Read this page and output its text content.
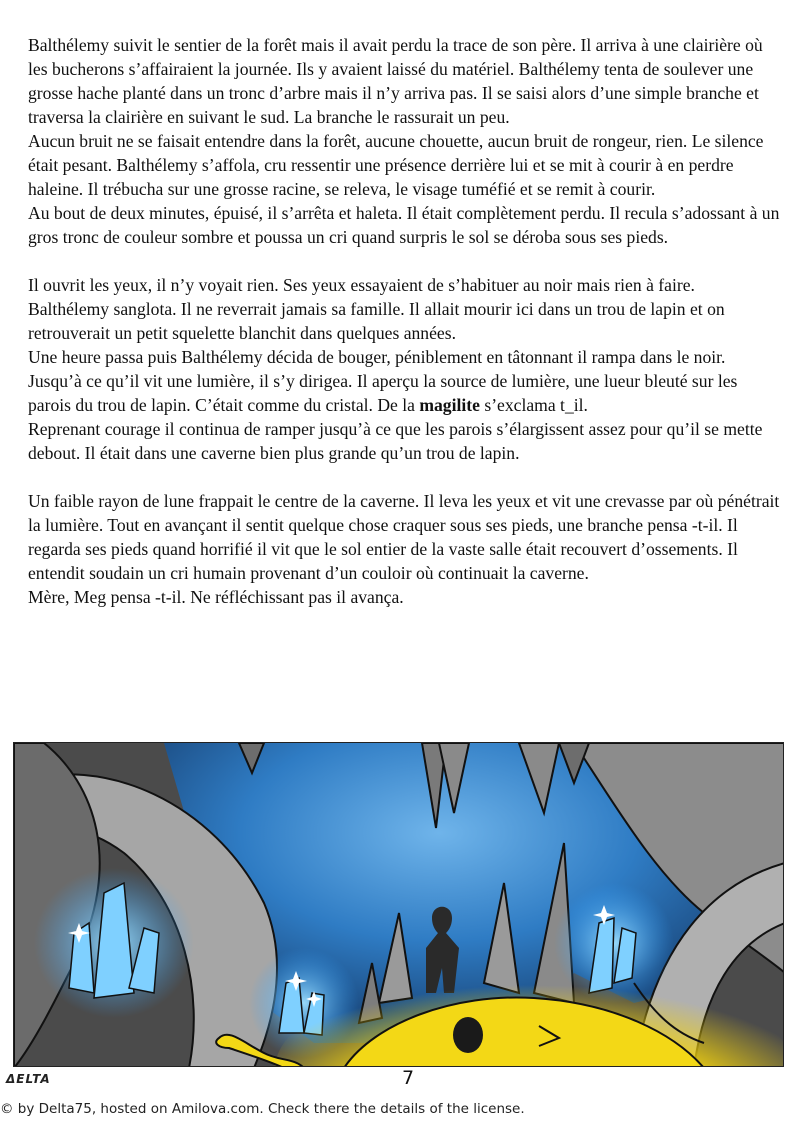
Balthélemy suivit le sentier de la forêt mais il avait perdu la trace de son père. Il arriva à une clairière où les bucherons s’affairaient la journée. Ils y avaient laissé du matériel. Balthélemy tenta de soulever une grosse hache planté dans un tronc d’arbre mais il n’y arriva pas. Il se saisi alors d’une simple branche et traversa la clairière en suivant le sud. La branche le rassurait un peu.

Aucun bruit ne se faisait entendre dans la forêt, aucune chouette, aucun bruit de rongeur, rien. Le silence était pesant. Balthélemy s’affola, cru ressentir une présence derrière lui et se mit à courir à en perdre haleine. Il trébucha sur une grosse racine, se releva, le visage tuméfié et se remit à courir.

Au bout de deux minutes, épuisé, il s’arrêta et haleta. Il était complètement perdu. Il recula s’adossant à un gros tronc de couleur sombre et poussa un cri quand surpris le sol se déroba sous ses pieds.

Il ouvrit les yeux, il n’y voyait rien. Ses yeux essayaient de s’habituer au noir mais rien à faire. Balthélemy sanglota. Il ne reverrait jamais sa famille. Il allait mourir ici dans un trou de lapin et on retrouverait un petit squelette blanchit dans quelques années.

Une heure passa puis Balthélemy décida de bouger, péniblement en tâtonnant il rampa dans le noir.

Jusqu’à ce qu’il vit une lumière, il s’y dirigea. Il aperçu la source de lumière, une lueur bleuté sur les parois du trou de lapin. C’était comme du cristal. De la magilite s’exclama t_il.

Reprenant courage il continua de ramper jusqu’à ce que les parois s’élargissent assez pour qu’il se mette debout. Il était dans une caverne bien plus grande qu’un trou de lapin.

Un faible rayon de lune frappait le centre de la caverne. Il leva les yeux et vit une crevasse par où pénétrait la lumière. Tout en avançant il sentit quelque chose craquer sous ses pieds, une branche pensa -t-il. Il regarda ses pieds quand horrifié il vit que le sol entier de la vaste salle était recouvert d’ossements. Il entendit soudain un cri humain provenant d’un couloir où continuait la caverne.

Mère, Meg pensa -t-il. Ne réfléchissant pas il avança.

ΔELTA	7
© by Delta75, hosted on Amilova.com. Check there the details of the license.
